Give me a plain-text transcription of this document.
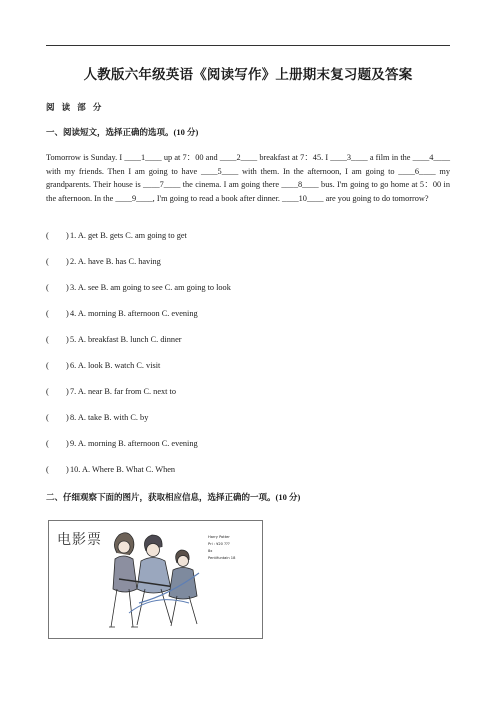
人教版六年级英语《阅读写作》上册期末复习题及答案
阅 读 部 分
一、阅读短文，选择正确的选项。(10 分)
Tomorrow is Sunday. I ____1____ up at 7：00 and ____2____ breakfast at 7：45. I ____3____ a film in the ____4____ with my friends. Then I am going to have ____5____ with them. In the afternoon, I am going to ____6____ my grandparents. Their house is ____7____ the cinema. I am going there ____8____ bus. I'm going to go home at 5：00 in the afternoon. In the ____9____, I'm going to read a book after dinner. ____10____ are you going to do tomorrow?
( )1. A. get B. gets C. am going to get
( )2. A. have B. has C. having
( )3. A. see B. am going to see C. am going to look
( )4. A. morning B. afternoon C. evening
( )5. A. breakfast B. lunch C. dinner
( )6. A. look B. watch C. visit
( )7. A. near B. far from C. next to
( )8. A. take B. with C. by
( )9. A. morning B. afternoon C. evening
( )10. A. Where B. What C. When
二、仔细观察下面的图片，获取相应信息，选择正确的一项。(10 分)
电影票	Harry Potter
Pri : ¥20 ???
8x
Pentifuntain 18
